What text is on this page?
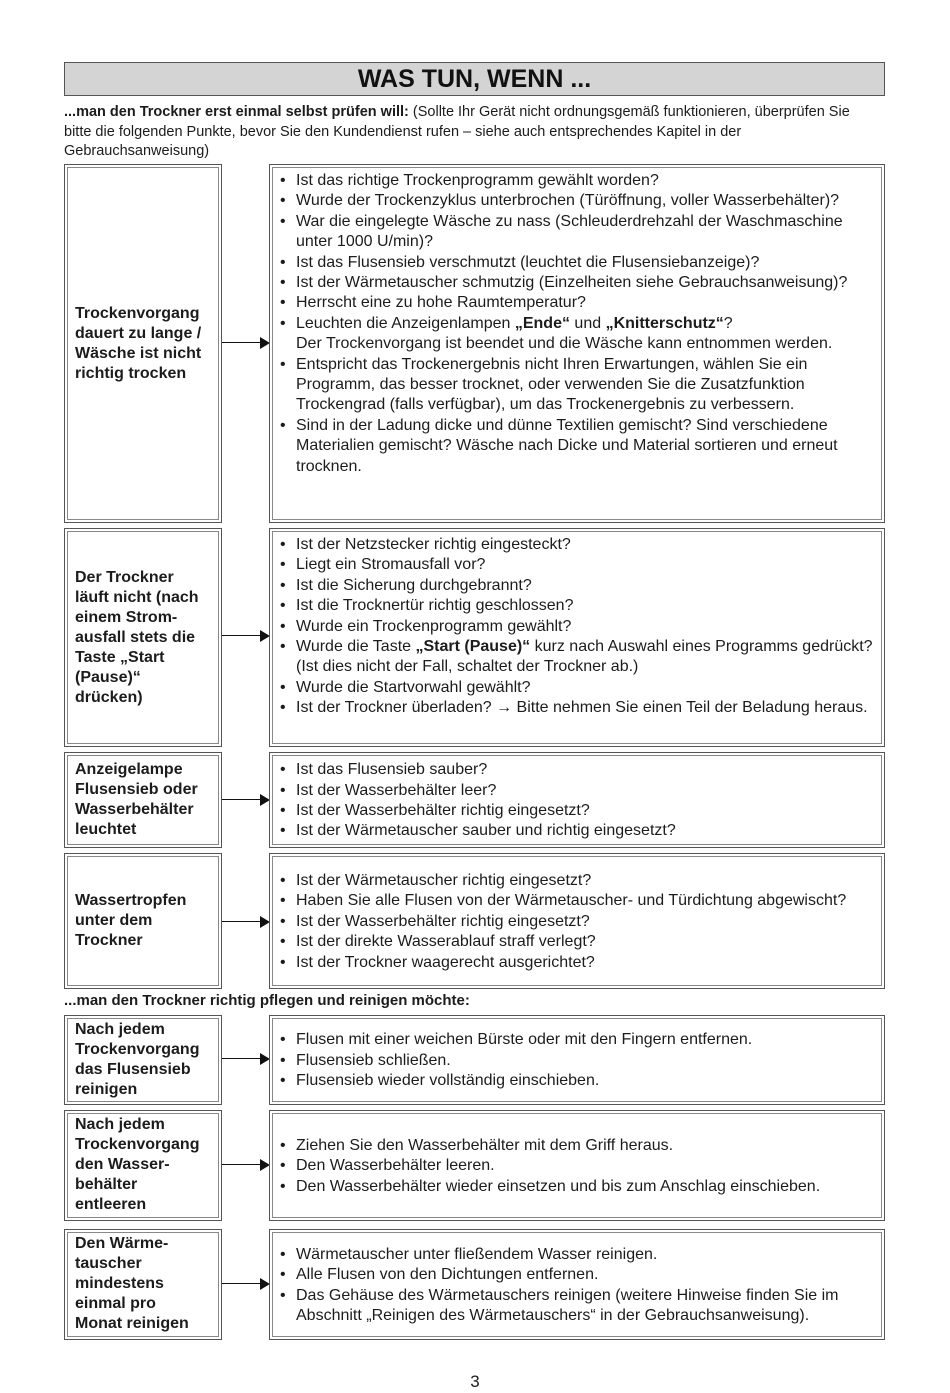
WAS TUN, WENN ...
...man den Trockner erst einmal selbst prüfen will: (Sollte Ihr Gerät nicht ordnungsgemäß funktionieren, überprüfen Sie bitte die folgenden Punkte, bevor Sie den Kundendienst rufen – siehe auch entsprechendes Kapitel in der Gebrauchsanweisung)
Trockenvorgang
dauert zu lange /
Wäsche ist nicht
richtig trocken
• Ist das richtige Trockenprogramm gewählt worden?
• Wurde der Trockenzyklus unterbrochen (Türöffnung, voller Wasserbehälter)?
• War die eingelegte Wäsche zu nass (Schleuderdrehzahl der Waschmaschine unter 1000 U/min)?
• Ist das Flusensieb verschmutzt (leuchtet die Flusensiebanzeige)?
• Ist der Wärmetauscher schmutzig (Einzelheiten siehe Gebrauchsanweisung)?
• Herrscht eine zu hohe Raumtemperatur?
• Leuchten die Anzeigenlampen „Ende“ und „Knitterschutz“?
Der Trockenvorgang ist beendet und die Wäsche kann entnommen werden.
• Entspricht das Trockenergebnis nicht Ihren Erwartungen, wählen Sie ein Programm, das besser trocknet, oder verwenden Sie die Zusatzfunktion Trockengrad (falls verfügbar), um das Trockenergebnis zu verbessern.
• Sind in der Ladung dicke und dünne Textilien gemischt? Sind verschiedene Materialien gemischt? Wäsche nach Dicke und Material sortieren und erneut trocknen.
Der Trockner
läuft nicht (nach
einem Strom-
ausfall stets die
Taste „Start
(Pause)“
drücken)
• Ist der Netzstecker richtig eingesteckt?
• Liegt ein Stromausfall vor?
• Ist die Sicherung durchgebrannt?
• Ist die Trocknertür richtig geschlossen?
• Wurde ein Trockenprogramm gewählt?
• Wurde die Taste „Start (Pause)“ kurz nach Auswahl eines Programms gedrückt? (Ist dies nicht der Fall, schaltet der Trockner ab.)
• Wurde die Startvorwahl gewählt?
• Ist der Trockner überladen? → Bitte nehmen Sie einen Teil der Beladung heraus.
Anzeigelampe
Flusensieb oder
Wasserbehälter
leuchtet
• Ist das Flusensieb sauber?
• Ist der Wasserbehälter leer?
• Ist der Wasserbehälter richtig eingesetzt?
• Ist der Wärmetauscher sauber und richtig eingesetzt?
Wassertropfen
unter dem
Trockner
• Ist der Wärmetauscher richtig eingesetzt?
• Haben Sie alle Flusen von der Wärmetauscher- und Türdichtung abgewischt?
• Ist der Wasserbehälter richtig eingesetzt?
• Ist der direkte Wasserablauf straff verlegt?
• Ist der Trockner waagerecht ausgerichtet?
...man den Trockner richtig pflegen und reinigen möchte:
Nach jedem
Trockenvorgang
das Flusensieb
reinigen
• Flusen mit einer weichen Bürste oder mit den Fingern entfernen.
• Flusensieb schließen.
• Flusensieb wieder vollständig einschieben.
Nach jedem
Trockenvorgang
den Wasser-
behälter
entleeren
• Ziehen Sie den Wasserbehälter mit dem Griff heraus.
• Den Wasserbehälter leeren.
• Den Wasserbehälter wieder einsetzen und bis zum Anschlag einschieben.
Den Wärme-
tauscher
mindestens
einmal pro
Monat reinigen
• Wärmetauscher unter fließendem Wasser reinigen.
• Alle Flusen von den Dichtungen entfernen.
• Das Gehäuse des Wärmetauschers reinigen (weitere Hinweise finden Sie im Abschnitt „Reinigen des Wärmetauschers“ in der Gebrauchsanweisung).
3
